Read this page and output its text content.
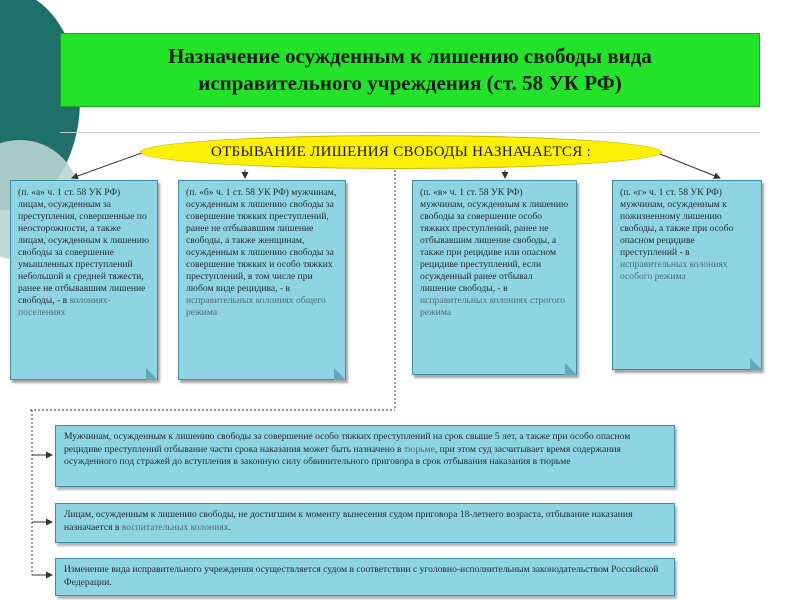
Назначение осужденным к лишению свободы вида исправительного учреждения (ст. 58 УК РФ)
ОТБЫВАНИЕ ЛИШЕНИЯ СВОБОДЫ НАЗНАЧАЕТСЯ :
(п. «а» ч. 1 ст. 58 УК РФ) лицам, осужденным за преступления, совершенные по неосторожности, а также лицам, осужденным к лишению свободы за совершение умышленных преступлений небольшой и средней тяжести, ранее не отбывавшим лишение свободы, - в колониях-поселениях
(п. «б» ч. 1 ст. 58 УК РФ) мужчинам, осужденным к лишению свободы за совершение тяжких преступлений, ранее не отбывавшим лишение свободы, а также женщинам, осужденным к лишению свободы за совершение тяжких и особо тяжких преступлений, в том числе при любом виде рецидива, - в исправительных колониях общего режима
(п. «в» ч. 1 ст. 58 УК РФ) мужчинам, осужденным к лишению свободы за совершение особо тяжких преступлений, ранее не отбывавшим лишение свободы, а также при рецидиве или опасном рецидиве преступлений, если осужденный ранее отбывал лишение свободы, - в исправительных колониях строгого режима
(п. «г» ч. 1 ст. 58 УК РФ) мужчинам, осужденным к пожизненному лишению свободы, а также при особо опасном рецидиве преступлений - в исправительных колониях особого режима
Мужчинам, осужденным к лишению свободы за совершение особо тяжких преступлений на срок свыше 5 лет, а также при особо опасном рецидиве преступлений отбывание части срока наказания может быть назначено в тюрьме, при этом суд засчитывает время содержания осужденного под стражей до вступления в законную силу обвинительного приговора в срок отбывания наказания в тюрьме
Лицам, осужденным к лишению свободы, не достигшим к моменту вынесения судом приговора 18-летнего возраста, отбывание наказания назначается в воспитательных колониях.
Изменение вида исправительного учреждения осуществляется судом в соответствии с уголовно-исполнительным законодательством Российской Федерации.
